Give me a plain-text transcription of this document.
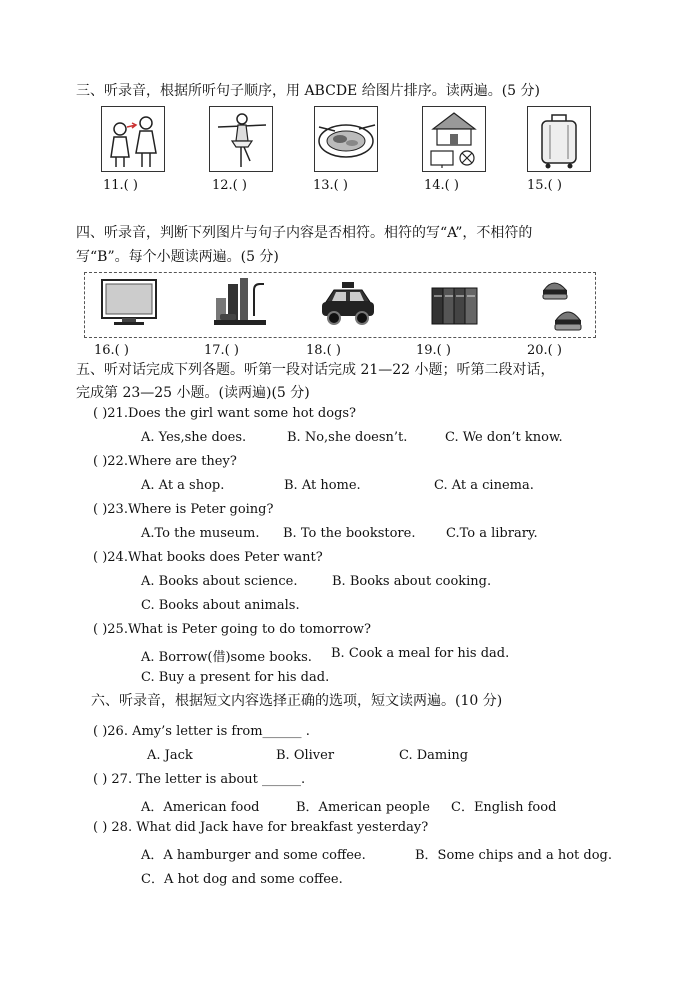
三、听录音，根据所听句子顺序，用 ABCDE 给图片排序。读两遍。(5 分)
11.( )	12.( )	13.( )	14.( )	15.( )
四、听录音，判断下列图片与句子内容是否相符。相符的写“A”，不相符的
写“B”。每个小题读两遍。(5 分)
16.( )	17.( )	18.( )	19.( )	20.( )
五、听对话完成下列各题。听第一段对话完成 21—22 小题；听第二段对话，
完成第 23—25 小题。(读两遍)(5 分)
( )21.Does the girl want some hot dogs?
A. Yes,she does.	B. No,she doesn’t.	C. We don’t know.
( )22.Where are they?
A. At a shop.	B. At home.	C. At a cinema.
( )23.Where is Peter going?
A.To the museum. B. To the bookstore. C.To a library.
( )24.What books does Peter want?
A. Books about science.	B. Books about cooking.
C. Books about animals.
( )25.What is Peter going to do tomorrow?
A. Borrow(借)some books. B. Cook a meal for his dad.
C. Buy a present for his dad.
六、听录音，根据短文内容选择正确的选项，短文读两遍。(10 分)
( )26. Amy’s letter is from______ .
A. Jack	B. Oliver	C. Daming
( ) 27. The letter is about ______.
A．American food	B．American people C．English food
( ) 28. What did Jack have for breakfast yesterday?
A．A hamburger and some coffee.	B．Some chips and a hot dog.
C．A hot dog and some coffee.
